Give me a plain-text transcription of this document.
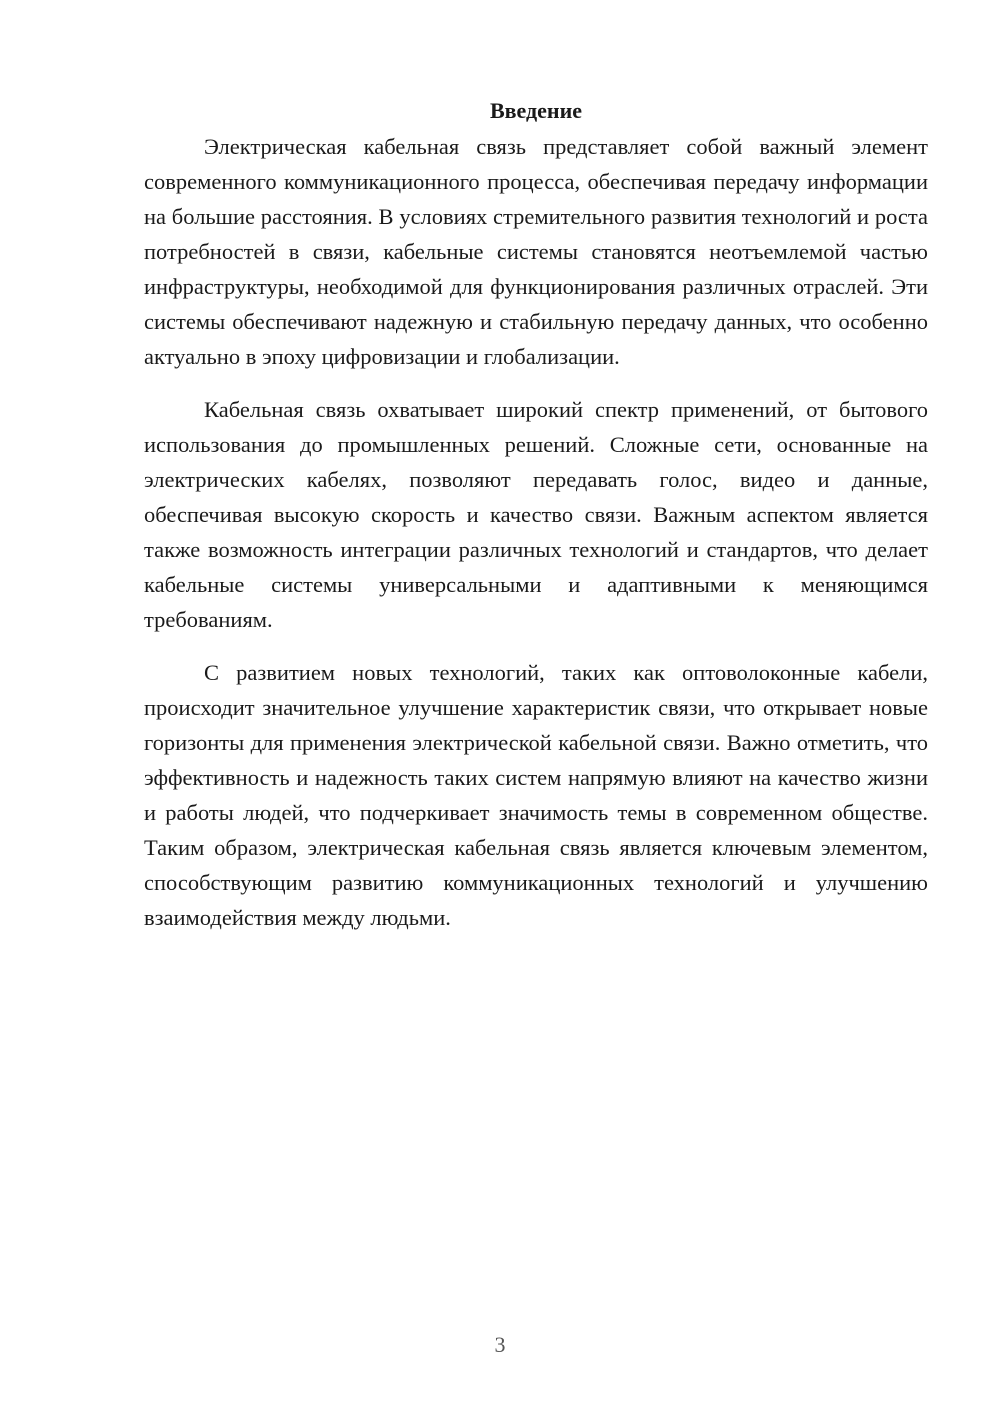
Введение

Электрическая кабельная связь представляет собой важный элемент современного коммуникационного процесса, обеспечивая передачу информации на большие расстояния. В условиях стремительного развития технологий и роста потребностей в связи, кабельные системы становятся неотъемлемой частью инфраструктуры, необходимой для функционирования различных отраслей. Эти системы обеспечивают надежную и стабильную передачу данных, что особенно актуально в эпоху цифровизации и глобализации.

Кабельная связь охватывает широкий спектр применений, от бытового использования до промышленных решений. Сложные сети, основанные на электрических кабелях, позволяют передавать голос, видео и данные, обеспечивая высокую скорость и качество связи. Важным аспектом является также возможность интеграции различных технологий и стандартов, что делает кабельные системы универсальными и адаптивными к меняющимся требованиям.

С развитием новых технологий, таких как оптоволоконные кабели, происходит значительное улучшение характеристик связи, что открывает новые горизонты для применения электрической кабельной связи. Важно отметить, что эффективность и надежность таких систем напрямую влияют на качество жизни и работы людей, что подчеркивает значимость темы в современном обществе. Таким образом, электрическая кабельная связь является ключевым элементом, способствующим развитию коммуникационных технологий и улучшению взаимодействия между людьми.

3
